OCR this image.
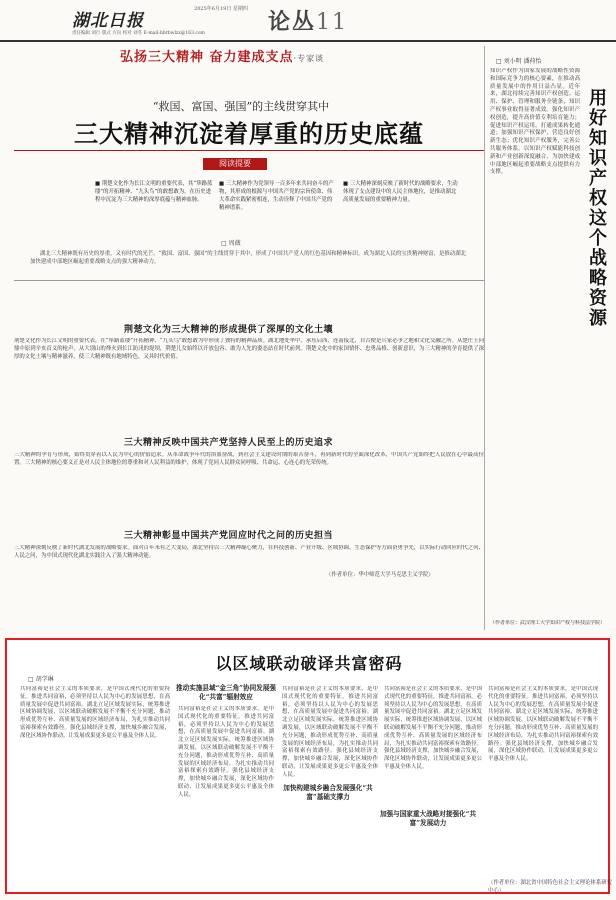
湖北日报
2025年6月19日 星期四
责任编辑 刘行 版式 方向 校对 刘冬 E-mail:hbrbwlzx@163.com	论丛11
弘扬三大精神 奋力建成支点·专家谈
“救国、富国、强国”的主线贯穿其中
三大精神沉淀着厚重的历史底蕴
阅读提要
■ 荆楚文化作为长江文明的重要代表，其“筚路蓝缕”的开拓精神、“九头鸟”的敢想敢为，在历史进程中沉淀为三大精神的深厚底蕴与精神血脉。
■ 三大精神作为党领导一百多年来共同奋斗的产物，其形成的根源与中国共产党的宗旨使命、伟大革命实践紧密相连，生动诠释了中国共产党的精神谱系。
■ 三大精神深刻反映了新时代的战略要求，生动体现了支点建设中的人民主体地位，是推动湖北高质量发展的重要精神力量。
□ 周薇
湖北三大精神既有历史的厚重，又有时代的光芒。“救国、富国、强国”的主线贯穿于其中，形成了中国共产党人的红色基因和精神标识，成为湖北人民的宝贵精神财富，是推动湖北加快建成中部地区崛起重要战略支点的强大精神动力。
荆楚文化为三大精神的形成提供了深厚的文化土壤
荆楚文化作为长江文明的重要代表，在“筚路蓝缕”开拓精神、“九头鸟”敢想敢为中形成了独特的精神品质。湖北地处华中，承东启西、连南接北，自古便是兵家必争之地和文化交融之所。从楚庄王问鼎中原到辛亥首义的枪声，从大别山的烽火到长江防汛的堤坝，荆楚儿女始终以开放包容、敢为人先的姿态站在时代前列。荆楚文化中的家国情怀、忠勇品格、创新意识，为三大精神的孕育提供了深厚的文化土壤与精神滋养，使三大精神既有地域特色，又具时代价值。
三大精神反映中国共产党坚持人民至上的历史追求
三大精神的孕育与形成，始终贯穿着以人民为中心的价值追求。从革命战争年代的浴血奋战，到社会主义建设时期的艰苦奋斗，再到新时代的全面深化改革，中国共产党始终把人民放在心中最高位置。三大精神的核心要义正是对人民主体地位的尊重和对人民利益的维护，体现了党同人民群众同呼吸、共命运、心连心的光荣传统。
三大精神彰显中国共产党回应时代之问的历史担当
三大精神深刻反映了新时代湖北发展的战略要求。面对百年未有之大变局，湖北坚持以三大精神凝心聚力，在科技创新、产业升级、区域协调、生态保护等方面奋勇争先，以实际行动回应时代之问、人民之问，为中国式现代化湖北实践注入了强大精神动能。
（作者单位：华中师范大学马克思主义学院）
□ 刘小明 潘荷怡
用好知识产权这个战略资源
知识产权作为国家发展的战略性资源和国际竞争力的核心要素，在推动高质量发展中的作用日益凸显。近年来，湖北持续完善知识产权创造、运用、保护、管理和服务全链条，知识产权事业取得显著成效。强化知识产权创造，提升高价值专利培育能力；促进知识产权运用，打通成果转化通道；加强知识产权保护，营造良好创新生态；优化知识产权服务，完善公共服务体系。以知识产权赋能科技创新和产业创新深度融合，为加快建成中部地区崛起重要战略支点提供有力支撑。
（作者单位：武汉理工大学知识产权与科技法学院）
以区域联动破译共富密码
□ 胡学琳
推动实施县域“金三角”协同发展强化“共富”辐射效应
加快构建城乡融合发展强化“共富”基础支撑力
加强与国家重大战略对接强化“共富”发展动力
共同富裕是社会主义的本质要求，是中国式现代化的重要特征。推进共同富裕，必须坚持以人民为中心的发展思想，在高质量发展中促进共同富裕。湖北立足区域发展实际，统筹推进区域协调发展，以区域联动破解发展不平衡不充分问题，推动形成优势互补、高质量发展的区域经济布局，为扎实推动共同富裕探索有效路径。强化县域经济支撑，加快城乡融合发展，深化区域协作联动，让发展成果更多更公平惠及全体人民。
共同富裕是社会主义的本质要求，是中国式现代化的重要特征。推进共同富裕，必须坚持以人民为中心的发展思想，在高质量发展中促进共同富裕。湖北立足区域发展实际，统筹推进区域协调发展，以区域联动破解发展不平衡不充分问题，推动形成优势互补、高质量发展的区域经济布局，为扎实推动共同富裕探索有效路径。强化县域经济支撑，加快城乡融合发展，深化区域协作联动，让发展成果更多更公平惠及全体人民。
共同富裕是社会主义的本质要求，是中国式现代化的重要特征。推进共同富裕，必须坚持以人民为中心的发展思想，在高质量发展中促进共同富裕。湖北立足区域发展实际，统筹推进区域协调发展，以区域联动破解发展不平衡不充分问题，推动形成优势互补、高质量发展的区域经济布局，为扎实推动共同富裕探索有效路径。强化县域经济支撑，加快城乡融合发展，深化区域协作联动，让发展成果更多更公平惠及全体人民。
共同富裕是社会主义的本质要求，是中国式现代化的重要特征。推进共同富裕，必须坚持以人民为中心的发展思想，在高质量发展中促进共同富裕。湖北立足区域发展实际，统筹推进区域协调发展，以区域联动破解发展不平衡不充分问题，推动形成优势互补、高质量发展的区域经济布局，为扎实推动共同富裕探索有效路径。强化县域经济支撑，加快城乡融合发展，深化区域协作联动，让发展成果更多更公平惠及全体人民。
共同富裕是社会主义的本质要求，是中国式现代化的重要特征。推进共同富裕，必须坚持以人民为中心的发展思想，在高质量发展中促进共同富裕。湖北立足区域发展实际，统筹推进区域协调发展，以区域联动破解发展不平衡不充分问题，推动形成优势互补、高质量发展的区域经济布局，为扎实推动共同富裕探索有效路径。强化县域经济支撑，加快城乡融合发展，深化区域协作联动，让发展成果更多更公平惠及全体人民。
（作者单位：湖北省中国特色社会主义理论体系研究中心）
